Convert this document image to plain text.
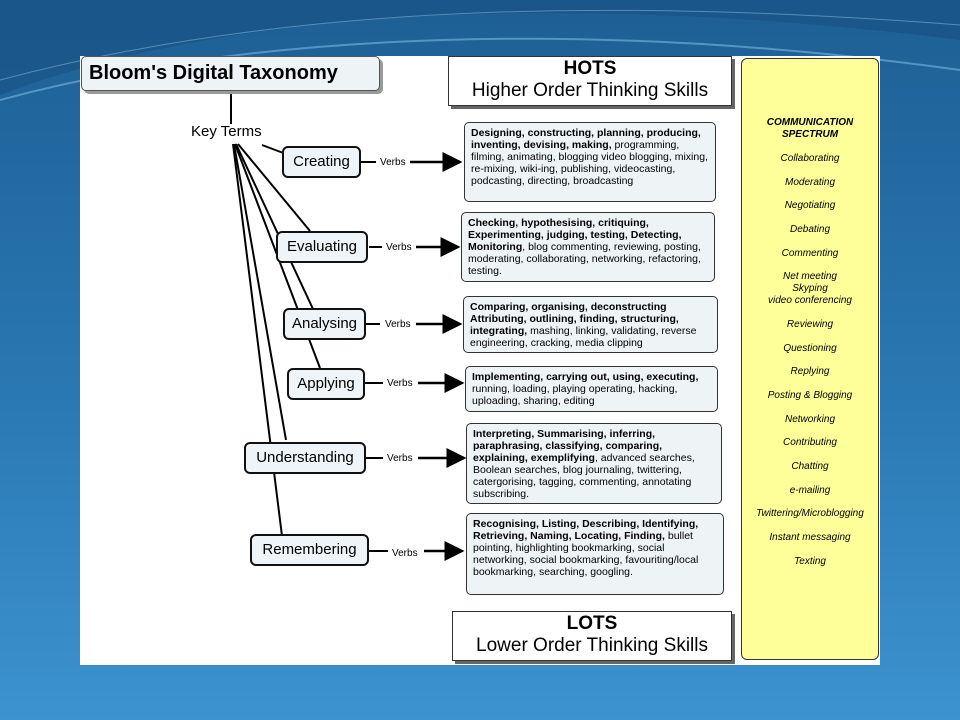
Bloom's Digital Taxonomy
Key Terms
HOTS
Higher Order Thinking Skills
Creating	Verbs
Designing, constructing, planning, producing, inventing, devising, making, programming, filming, animating, blogging video blogging, mixing, re-mixing, wiki-ing, publishing, videocasting, podcasting, directing, broadcasting
Evaluating	Verbs
Checking, hypothesising, critiquing, Experimenting, judging, testing, Detecting, Monitoring, blog commenting, reviewing, posting, moderating, collaborating, networking, refactoring, testing.
Analysing	Verbs
Comparing, organising, deconstructing Attributing, outlining, finding, structuring, integrating, mashing, linking, validating, reverse engineering, cracking, media clipping
Applying	Verbs
Implementing, carrying out, using, executing, running, loading, playing operating, hacking, uploading, sharing, editing
Understanding	Verbs
Interpreting, Summarising, inferring, paraphrasing, classifying, comparing, explaining, exemplifying, advanced searches, Boolean searches, blog journaling, twittering, catergorising, tagging, commenting, annotating subscribing.
Remembering	Verbs
Recognising, Listing, Describing, Identifying, Retrieving, Naming, Locating, Finding, bullet pointing, highlighting bookmarking, social networking, social bookmarking, favouriting/local bookmarking, searching, googling.
LOTS
Lower Order Thinking Skills
COMMUNICATION SPECTRUM
Collaborating
Moderating
Negotiating
Debating
Commenting
Net meeting
Skyping
video conferencing
Reviewing
Questioning
Replying
Posting & Blogging
Networking
Contributing
Chatting
e-mailing
Twittering/Microblogging
Instant messaging
Texting
